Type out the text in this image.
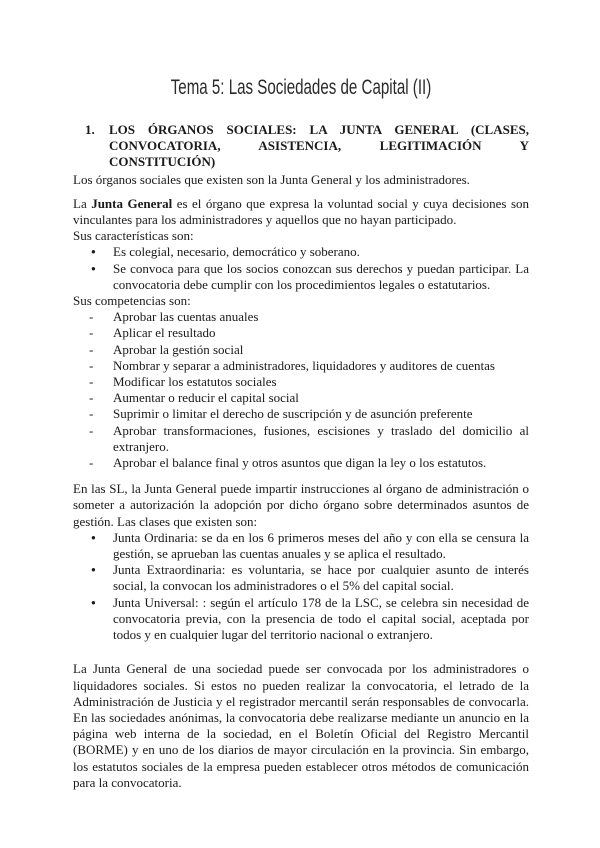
Tema 5: Las Sociedades de Capital (II)
1. LOS ÓRGANOS SOCIALES: LA JUNTA GENERAL (CLASES, CONVOCATORIA, ASISTENCIA, LEGITIMACIÓN Y CONSTITUCIÓN)

Los órganos sociales que existen son la Junta General y los administradores.

La Junta General es el órgano que expresa la voluntad social y cuya decisiones son vinculantes para los administradores y aquellos que no hayan participado.

Sus características son:

● Es colegial, necesario, democrático y soberano.
● Se convoca para que los socios conozcan sus derechos y puedan participar. La convocatoria debe cumplir con los procedimientos legales o estatutarios.

Sus competencias son:

- Aprobar las cuentas anuales
- Aplicar el resultado
- Aprobar la gestión social
- Nombrar y separar a administradores, liquidadores y auditores de cuentas
- Modificar los estatutos sociales
- Aumentar o reducir el capital social
- Suprimir o limitar el derecho de suscripción y de asunción preferente
- Aprobar transformaciones, fusiones, escisiones y traslado del domicilio al extranjero.
- Aprobar el balance final y otros asuntos que digan la ley o los estatutos.

En las SL, la Junta General puede impartir instrucciones al órgano de administración o someter a autorización la adopción por dicho órgano sobre determinados asuntos de gestión. Las clases que existen son:

● Junta Ordinaria: se da en los 6 primeros meses del año y con ella se censura la gestión, se aprueban las cuentas anuales y se aplica el resultado.
● Junta Extraordinaria: es voluntaria, se hace por cualquier asunto de interés social, la convocan los administradores o el 5% del capital social.
● Junta Universal: : según el artículo 178 de la LSC, se celebra sin necesidad de convocatoria previa, con la presencia de todo el capital social, aceptada por todos y en cualquier lugar del territorio nacional o extranjero.

La Junta General de una sociedad puede ser convocada por los administradores o liquidadores sociales. Si estos no pueden realizar la convocatoria, el letrado de la Administración de Justicia y el registrador mercantil serán responsables de convocarla. En las sociedades anónimas, la convocatoria debe realizarse mediante un anuncio en la página web interna de la sociedad, en el Boletín Oficial del Registro Mercantil (BORME) y en uno de los diarios de mayor circulación en la provincia. Sin embargo, los estatutos sociales de la empresa pueden establecer otros métodos de comunicación para la convocatoria.
